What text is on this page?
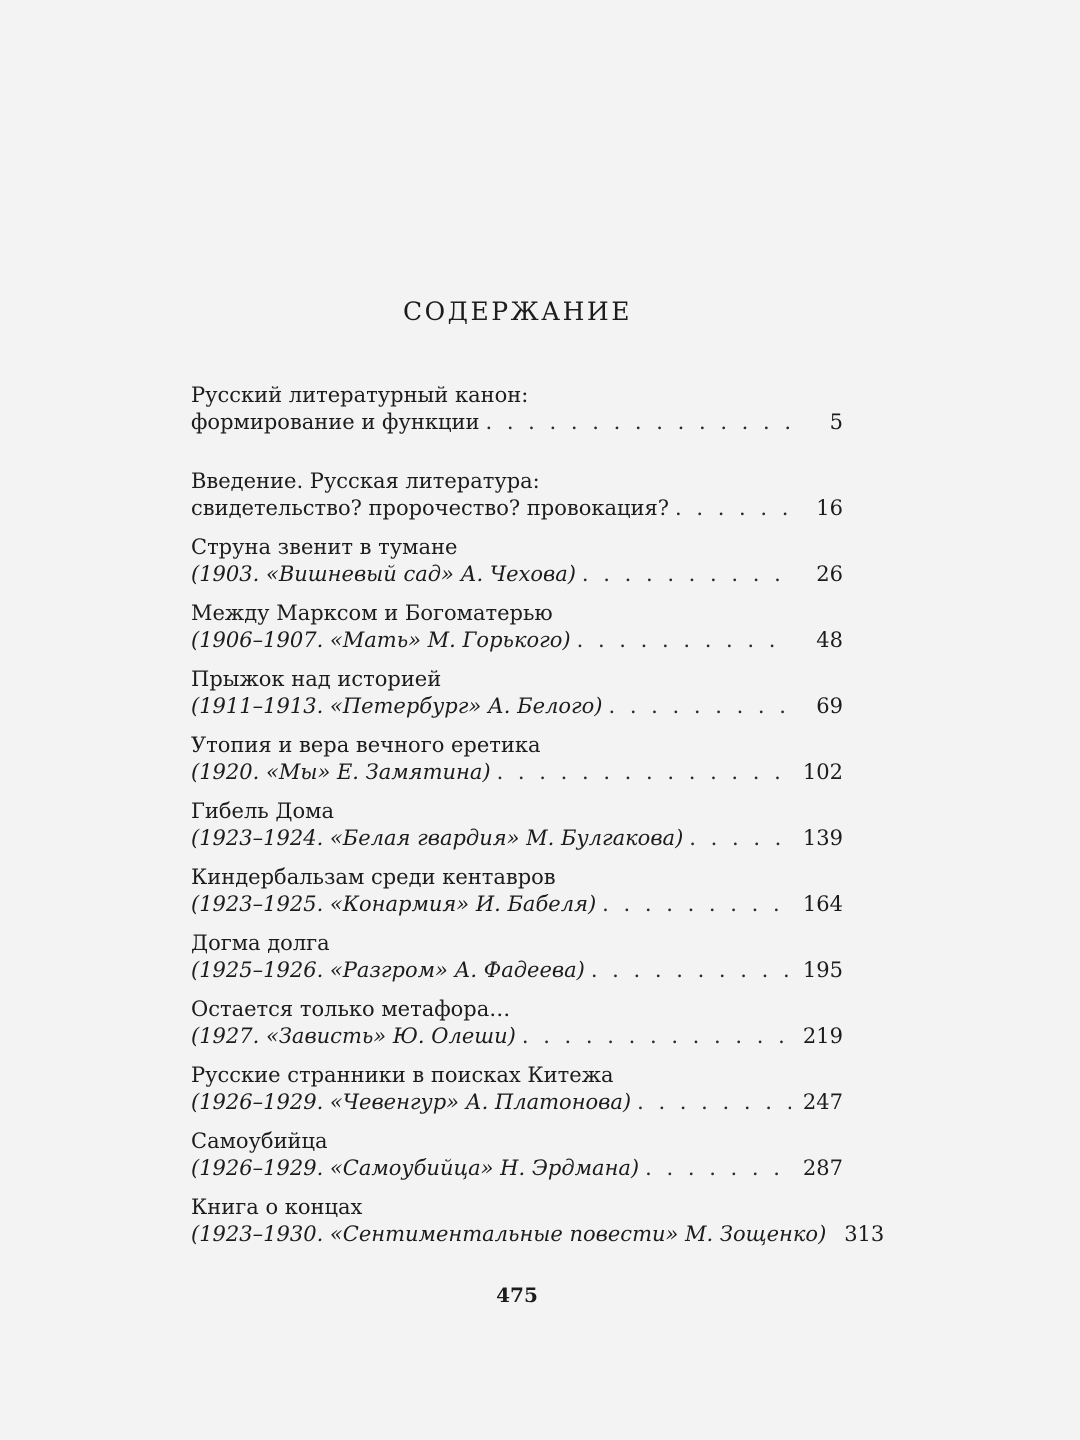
СОДЕРЖАНИЕ
Русский литературный канон:
формирование и функции . . .	5
Введение. Русская литература:
свидетельство? пророчество? провокация? . . .	16
Струна звенит в тумане
(1903. «Вишневый сад» А. Чехова) . . .	26
Между Марксом и Богоматерью
(1906–1907. «Мать» М. Горького) . . .	48
Прыжок над историей
(1911–1913. «Петербург» А. Белого) . . .	69
Утопия и вера вечного еретика
(1920. «Мы» Е. Замятина) . . .	102
Гибель Дома
(1923–1924. «Белая гвардия» М. Булгакова) . . .	139
Киндербальзам среди кентавров
(1923–1925. «Конармия» И. Бабеля) . . .	164
Догма долга
(1925–1926. «Разгром» А. Фадеева) . . .	195
Остается только метафора…
(1927. «Зависть» Ю. Олеши) . . .	219
Русские странники в поисках Китежа
(1926–1929. «Чевенгур» А. Платонова) . . .	247
Самоубийца
(1926–1929. «Самоубийца» Н. Эрдмана) . . .	287
Книга о концах
(1923–1930. «Сентиментальные повести» М. Зощенко) 313
475
